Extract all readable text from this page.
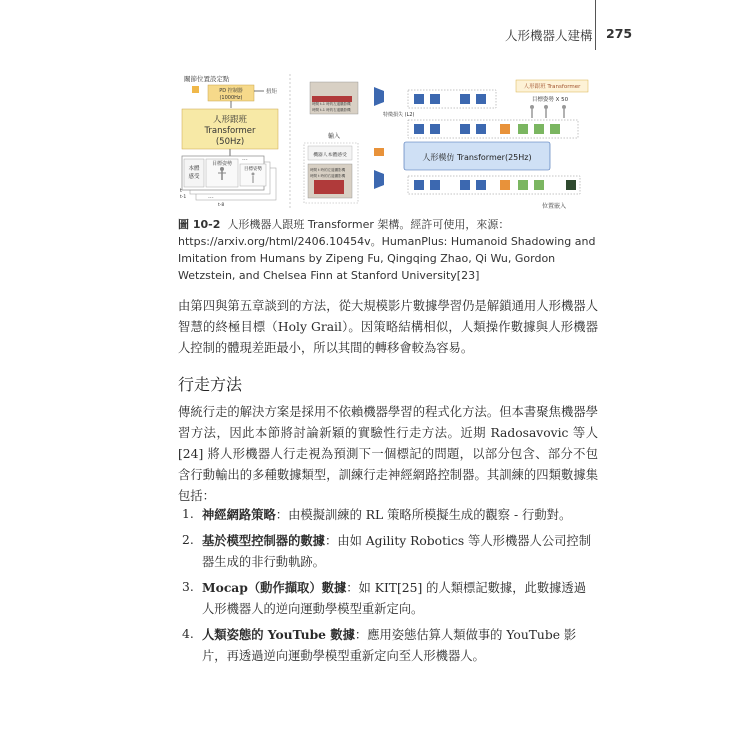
人形機器人建構 275
關節位置設定點
PD 控制器
(1000Hz)
扭矩
人形跟班
Transformer
(50Hz)
本體
感受
目標姿勢
目標姿勢
...
t
t-1	...
t-8
時間 t-1 時的左邊攝影機
時間 t-1 時的右邊攝影機
特徵損失 (L2)
輸入
機器人本體感受
時間 t 時的左邊攝影機
時間 t 時的右邊攝影機
人形模仿 Transformer(25Hz)
人形跟班 Transformer
目標姿勢 X 50
位置嵌入
圖 10-2 人形機器人跟班 Transformer 架構。經許可使用，來源：https://arxiv.org/html/2406.10454v。HumanPlus: Humanoid Shadowing and Imitation from Humans by Zipeng Fu, Qingqing Zhao, Qi Wu, Gordon Wetzstein, and Chelsea Finn at Stanford University[23]
由第四與第五章談到的方法，從大規模影片數據學習仍是解鎖通用人形機器人智慧的終極目標（Holy Grail）。因策略結構相似，人類操作數據與人形機器人控制的體現差距最小，所以其間的轉移會較為容易。
行走方法
傳統行走的解決方案是採用不依賴機器學習的程式化方法。但本書聚焦機器學習方法，因此本節將討論新穎的實驗性行走方法。近期 Radosavovic 等人 [24] 將人形機器人行走視為預測下一個標記的問題，以部分包含、部分不包含行動輸出的多種數據類型，訓練行走神經網路控制器。其訓練的四類數據集包括：
1. 神經網路策略：由模擬訓練的 RL 策略所模擬生成的觀察 - 行動對。
2. 基於模型控制器的數據：由如 Agility Robotics 等人形機器人公司控制器生成的非行動軌跡。
3. Mocap（動作擷取）數據：如 KIT[25] 的人類標記數據，此數據透過人形機器人的逆向運動學模型重新定向。
4. 人類姿態的 YouTube 數據：應用姿態估算人類做事的 YouTube 影片，再透過逆向運動學模型重新定向至人形機器人。
